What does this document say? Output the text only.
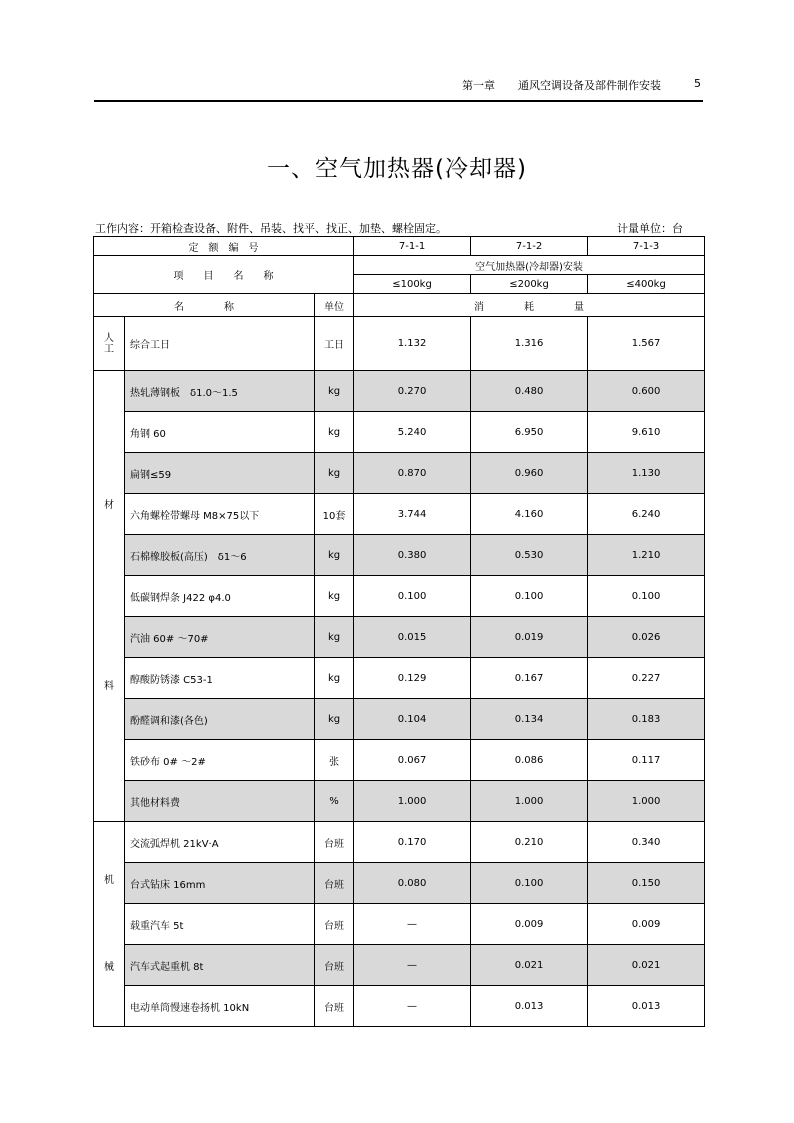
第一章 通风空调设备及部件制作安装	5
一、空气加热器(冷却器)
工作内容：开箱检查设备、附件、吊装、找平、找正、加垫、螺栓固定。	计量单位：台
定　额　编　号			7-1-1	7-1-2	7-1-3
项　　目　　名　　称			空气加热器(冷却器)安装		
			≤100kg	≤200kg	≤400kg
名　　　　称		单位	消　　　　耗　　　　量		

人
工	综合工日	工日	1.132	1.316	1.567

材
料	热轧薄钢板　δ1.0～1.5	kg	0.270	0.480	0.600
	角钢 60	kg	5.240	6.950	9.610
	扁钢≤59	kg	0.870	0.960	1.130
	六角螺栓带螺母 M8×75以下	10套	3.744	4.160	6.240
	石棉橡胶板(高压)　δ1～6	kg	0.380	0.530	1.210
	低碳钢焊条 J422 φ4.0	kg	0.100	0.100	0.100
	汽油 60# ～70#	kg	0.015	0.019	0.026
	醇酸防锈漆 C53-1	kg	0.129	0.167	0.227
	酚醛调和漆(各色)	kg	0.104	0.134	0.183
	铁砂布 0# ～2#	张	0.067	0.086	0.117
	其他材料费	%	1.000	1.000	1.000

机
械	交流弧焊机 21kV·A	台班	0.170	0.210	0.340
	台式钻床 16mm	台班	0.080	0.100	0.150
	载重汽车 5t	台班	—	0.009	0.009
	汽车式起重机 8t	台班	—	0.021	0.021
	电动单筒慢速卷扬机 10kN	台班	—	0.013	0.013
